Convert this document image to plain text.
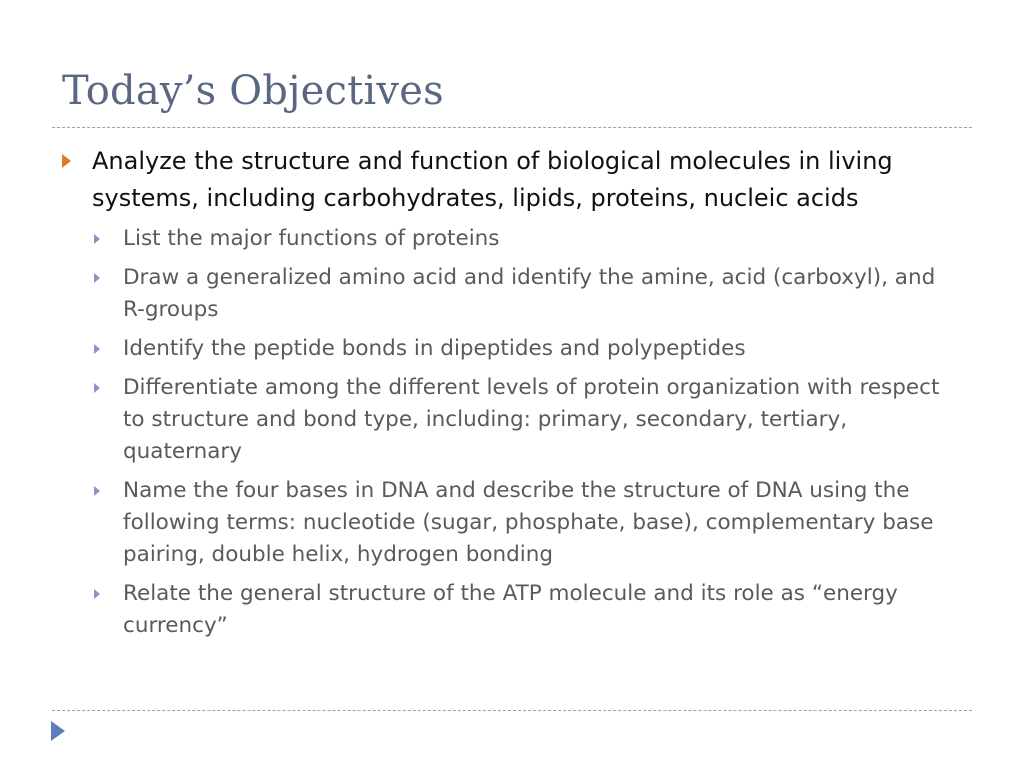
Today’s Objectives
Analyze the structure and function of biological molecules in living systems, including carbohydrates, lipids, proteins, nucleic acids
List the major functions of proteins
Draw a generalized amino acid and identify the amine, acid (carboxyl), and R-groups
Identify the peptide bonds in dipeptides and polypeptides
Differentiate among the different levels of protein organization with respect to structure and bond type, including: primary, secondary, tertiary, quaternary
Name the four bases in DNA and describe the structure of DNA using the following terms: nucleotide (sugar, phosphate, base), complementary base pairing, double helix, hydrogen bonding
Relate the general structure of the ATP molecule and its role as “energy currency”
